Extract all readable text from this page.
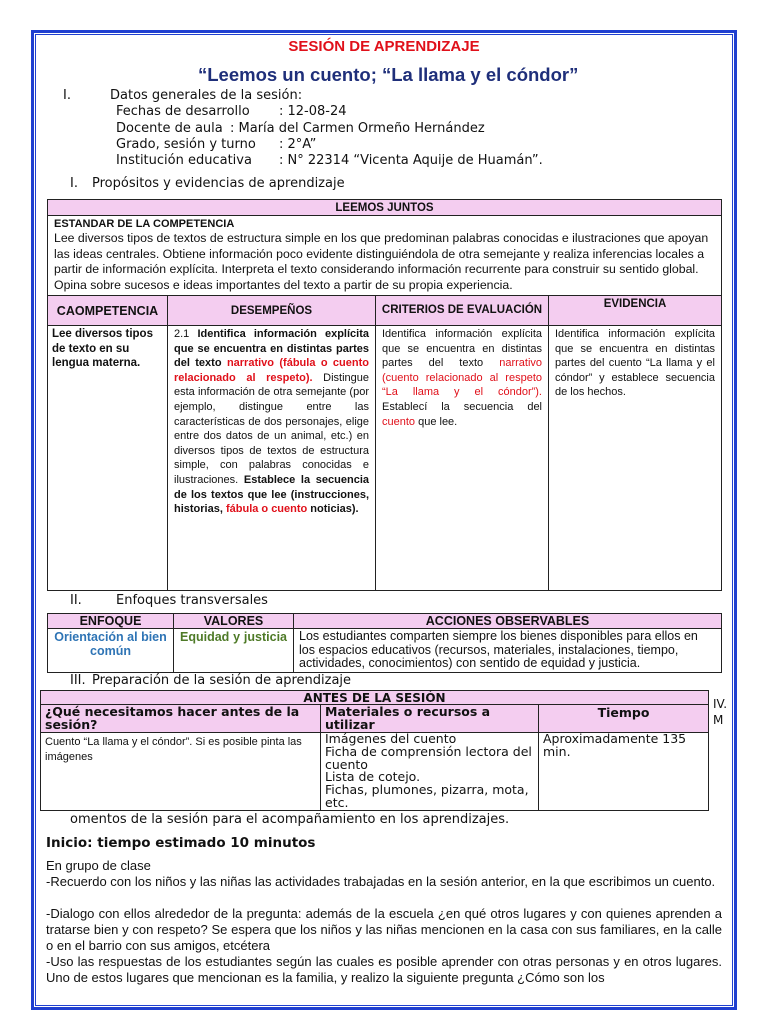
SESIÓN DE APRENDIZAJE
“Leemos un cuento; “La llama y el cóndor”
I.	Datos generales de la sesión:
Fechas de desarrollo : 12-08-24
Docente de aula : María del Carmen Ormeño Hernández
Grado, sesión y turno : 2°A”
Institución educativa : N° 22314 “Vicenta Aquije de Huamán”.
I. Propósitos y evidencias de aprendizaje
LEEMOS JUNTOS			

ESTANDAR DE LA COMPETENCIA
Lee diversos tipos de textos de estructura simple en los que predominan palabras conocidas e ilustraciones que apoyan las ideas centrales. Obtiene información poco evidente distinguiéndola de otra semejante y realiza inferencias locales a partir de información explícita. Interpreta el texto considerando información recurrente para construir su sentido global. Opina sobre sucesos e ideas importantes del texto a partir de su propia experiencia.			

CAOMPETENCIA	DESEMPEÑOS	CRITERIOS DE EVALUACIÓN	EVIDENCIA
Lee diversos tipos de texto en su lengua materna.	2.1 Identifica información explícita que se encuentra en distintas partes del texto narrativo (fábula o cuento relacionado al respeto). Distingue esta información de otra semejante (por ejemplo, distingue entre las características de dos personajes, elige entre dos datos de un animal, etc.) en diversos tipos de textos de estructura simple, con palabras conocidas e ilustraciones. Establece la secuencia de los textos que lee (instrucciones, historias, fábula o cuento noticias).	Identifica información explícita que se encuentra en distintas partes del texto narrativo (cuento relacionado al respeto “La llama y el cóndor”). Establecí la secuencia del cuento que lee.	Identifica información explícita que se encuentra en distintas partes del cuento “La llama y el cóndor” y establece secuencia de los hechos.
II.	Enfoques transversales
ENFOQUE	VALORES	ACCIONES OBSERVABLES
Orientación al bien común	Equidad y justicia	Los estudiantes comparten siempre los bienes disponibles para ellos en los espacios educativos (recursos, materiales, instalaciones, tiempo, actividades, conocimientos) con sentido de equidad y justicia.
III. Preparación de la sesión de aprendizaje
ANTES DE LA SESIÓN		
¿Qué necesitamos hacer antes de la sesión?	Materiales o recursos a utilizar	Tiempo
Cuento “La llama y el cóndor”. Si es posible pinta las imágenes	Imágenes del cuento
Ficha de comprensión lectora del cuento
Lista de cotejo.
Fichas, plumones, pizarra, mota, etc.	Aproximadamente 135 min.
IV.
M
omentos de la sesión para el acompañamiento en los aprendizajes.
Inicio: tiempo estimado 10 minutos
En grupo de clase
-Recuerdo con los niños y las niñas las actividades trabajadas en la sesión anterior, en la que escribimos un cuento.
-Dialogo con ellos alrededor de la pregunta: además de la escuela ¿en qué otros lugares y con quienes aprenden a tratarse bien y con respeto? Se espera que los niños y las niñas mencionen en la casa con sus familiares, en la calle o en el barrio con sus amigos, etcétera
-Uso las respuestas de los estudiantes según las cuales es posible aprender con otras personas y en otros lugares. Uno de estos lugares que mencionan es la familia, y realizo la siguiente pregunta ¿Cómo son los
